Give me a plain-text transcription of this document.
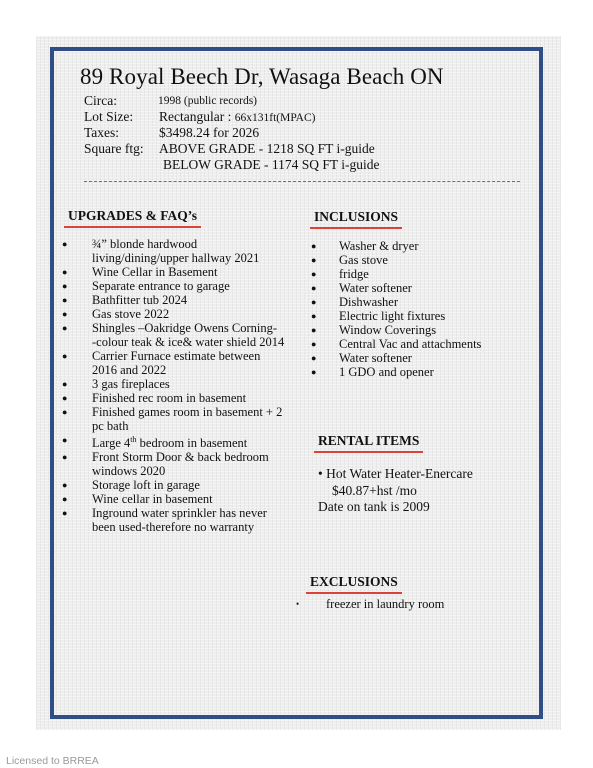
89 Royal Beech Dr, Wasaga Beach ON
Circa:	1998 (public records)
Lot Size: Rectangular : 66x131ft(MPAC)
Taxes:	$3498.24 for 2026
Square ftg: ABOVE GRADE - 1218 SQ FT i-guide
BELOW GRADE - 1174 SQ FT i-guide
UPGRADES & FAQ’s
● ¾” blonde hardwood
living/dining/upper hallway 2021
● Wine Cellar in Basement
● Separate entrance to garage
● Bathfitter tub 2024
● Gas stove 2022
● Shingles –Oakridge Owens Corning-
-colour teak & ice& water shield 2014
● Carrier Furnace estimate between
2016 and 2022
● 3 gas fireplaces
● Finished rec room in basement
● Finished games room in basement + 2
pc bath
● Large 4th bedroom in basement
● Front Storm Door & back bedroom
windows 2020
● Storage loft in garage
● Wine cellar in basement
● Inground water sprinkler has never
been used-therefore no warranty
INCLUSIONS
● Washer & dryer
● Gas stove
● fridge
● Water softener
● Dishwasher
● Electric light fixtures
● Window Coverings
● Central Vac and attachments
● Water softener
● 1 GDO and opener
RENTAL ITEMS
• Hot Water Heater-Enercare
$40.87+hst /mo
Date on tank is 2009
EXCLUSIONS
• freezer in laundry room
Licensed to BRREA
